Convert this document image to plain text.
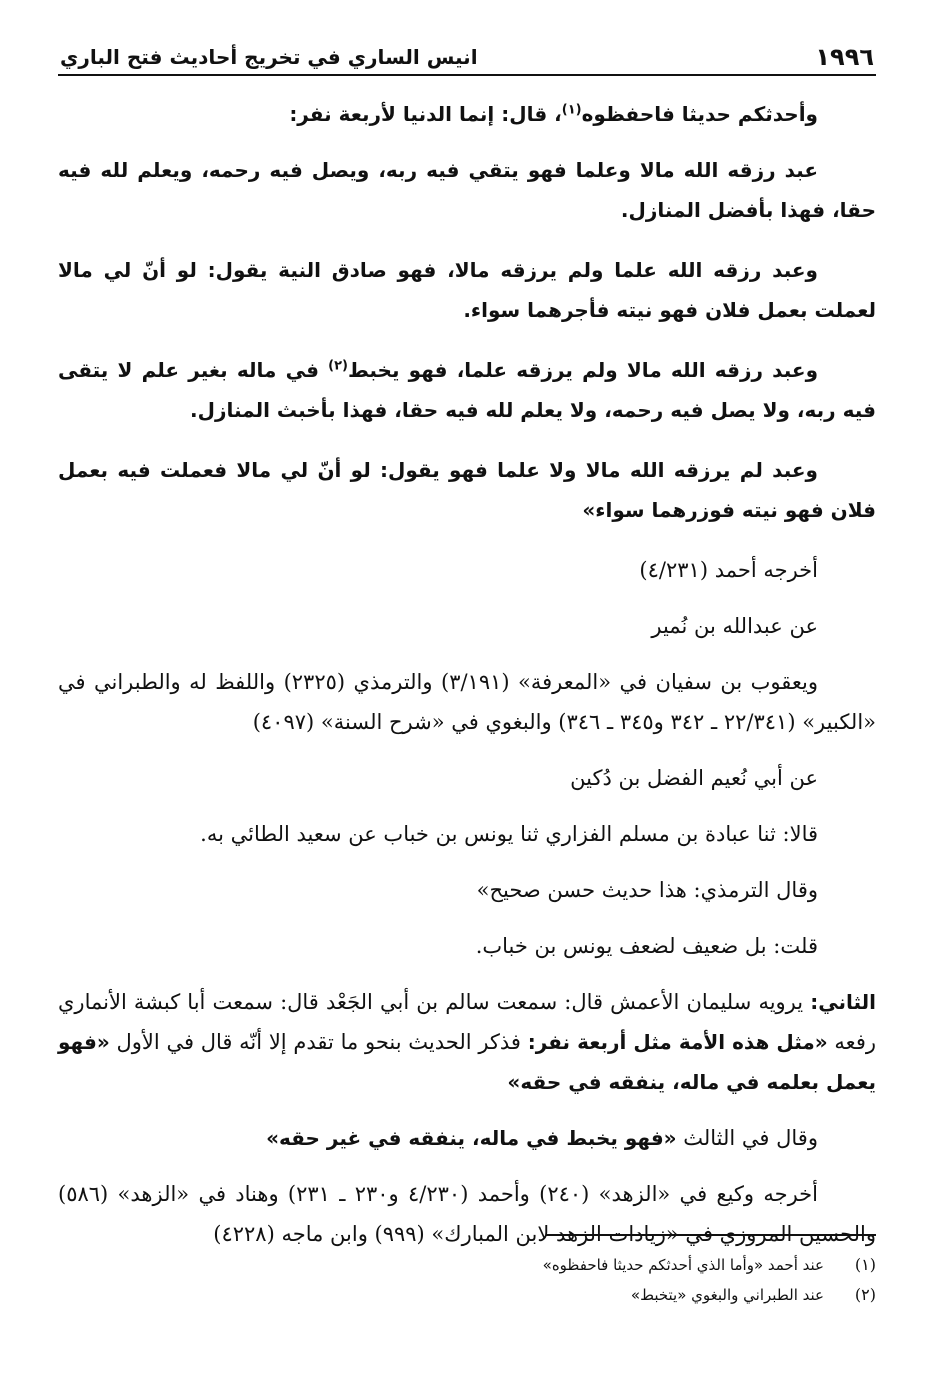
١٩٩٦
انيس الساري في تخريج أحاديث فتح الباري

وأحدثكم حديثا فاحفظوه$^{(١)}$، قال: إنما الدنيا لأربعة نفر:

عبد رزقه الله مالا وعلما فهو يتقي فيه ربه، ويصل فيه رحمه، ويعلم لله فيه حقا، فهذا بأفضل المنازل.

وعبد رزقه الله علما ولم يرزقه مالا، فهو صادق النية يقول: لو أنّ لي مالا لعملت بعمل فلان فهو نيته فأجرهما سواء.

وعبد رزقه الله مالا ولم يرزقه علما، فهو يخبط$^{(٢)}$ في ماله بغير علم لا يتقى فيه ربه، ولا يصل فيه رحمه، ولا يعلم لله فيه حقا، فهذا بأخبث المنازل.

وعبد لم يرزقه الله مالا ولا علما فهو يقول: لو أنّ لي مالا فعملت فيه بعمل فلان فهو نيته فوزرهما سواء»

أخرجه أحمد (٤/٢٣١)

عن عبدالله بن نُمير

ويعقوب بن سفيان في «المعرفة» (٣/١٩١) والترمذي (٢٣٢٥) واللفظ له والطبراني في «الكبير» (٢٢/٣٤١ ـ ٣٤٢ و٣٤٥ ـ ٣٤٦) والبغوي في «شرح السنة» (٤٠٩٧)

عن أبي نُعيم الفضل بن دُكين

قالا: ثنا عبادة بن مسلم الفزاري ثنا يونس بن خباب عن سعيد الطائي به.

وقال الترمذي: هذا حديث حسن صحيح»

قلت: بل ضعيف لضعف يونس بن خباب.

الثاني: يرويه سليمان الأعمش قال: سمعت سالم بن أبي الجَعْد قال: سمعت أبا كبشة الأنماري رفعه «مثل هذه الأمة مثل أربعة نفر: فذكر الحديث بنحو ما تقدم إلا أنّه قال في الأول «فهو يعمل بعلمه في ماله، ينفقه في حقه»

وقال في الثالث «فهو يخبط في ماله، ينفقه في غير حقه»

أخرجه وكيع في «الزهد» (٢٤٠) وأحمد (٤/٢٣٠ و٢٣٠ ـ ٢٣١) وهناد في «الزهد» (٥٨٦) والحسين المروزي في «زيادات الزهد لابن المبارك» (٩٩٩) وابن ماجه (٤٢٢٨)

(١)
عند أحمد «وأما الذي أحدثكم حديثا فاحفظوه»
(٢)
عند الطبراني والبغوي «يتخبط»
